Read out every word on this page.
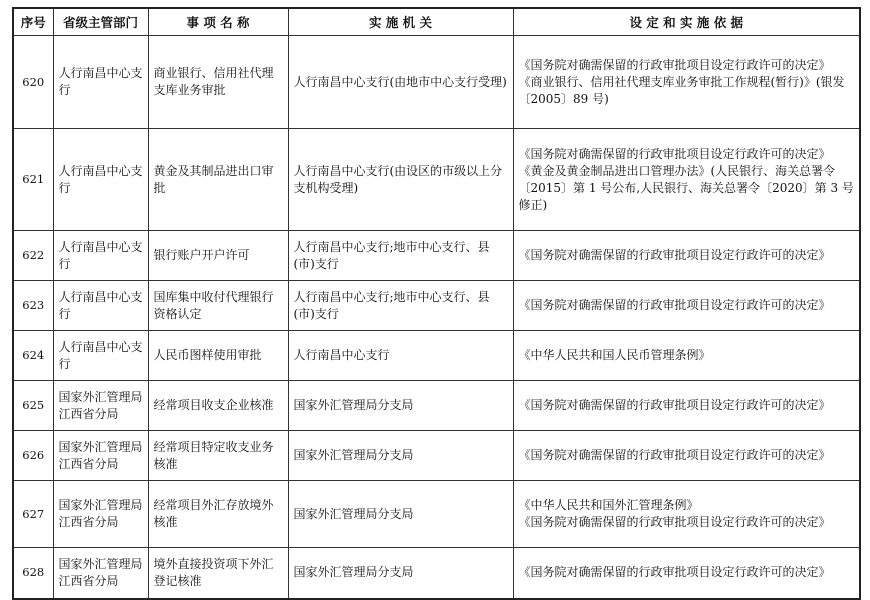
序号	省级主管部门	事 项 名 称	实 施 机 关	设 定 和 实 施 依 据
620	人行南昌中心支行	商业银行、信用社代理支库业务审批	人行南昌中心支行(由地市中心支行受理)	《国务院对确需保留的行政审批项目设定行政许可的决定》
《商业银行、信用社代理支库业务审批工作规程(暂行)》(银发〔2005〕89 号)

621	人行南昌中心支行	黄金及其制品进出口审批	人行南昌中心支行(由设区的市级以上分支机构受理)	《国务院对确需保留的行政审批项目设定行政许可的决定》
《黄金及黄金制品进出口管理办法》(人民银行、海关总署令〔2015〕第 1 号公布,人民银行、海关总署令〔2020〕第 3 号修正)

622	人行南昌中心支行	银行账户开户许可	人行南昌中心支行;地市中心支行、县(市)支行	《国务院对确需保留的行政审批项目设定行政许可的决定》

623	人行南昌中心支行	国库集中收付代理银行资格认定	人行南昌中心支行;地市中心支行、县(市)支行	《国务院对确需保留的行政审批项目设定行政许可的决定》

624	人行南昌中心支行	人民币图样使用审批	人行南昌中心支行	《中华人民共和国人民币管理条例》

625	国家外汇管理局江西省分局	经常项目收支企业核准	国家外汇管理局分支局	《国务院对确需保留的行政审批项目设定行政许可的决定》

626	国家外汇管理局江西省分局	经常项目特定收支业务核准	国家外汇管理局分支局	《国务院对确需保留的行政审批项目设定行政许可的决定》

627	国家外汇管理局江西省分局	经常项目外汇存放境外核准	国家外汇管理局分支局	《中华人民共和国外汇管理条例》
《国务院对确需保留的行政审批项目设定行政许可的决定》

628	国家外汇管理局江西省分局	境外直接投资项下外汇登记核准	国家外汇管理局分支局	《国务院对确需保留的行政审批项目设定行政许可的决定》
